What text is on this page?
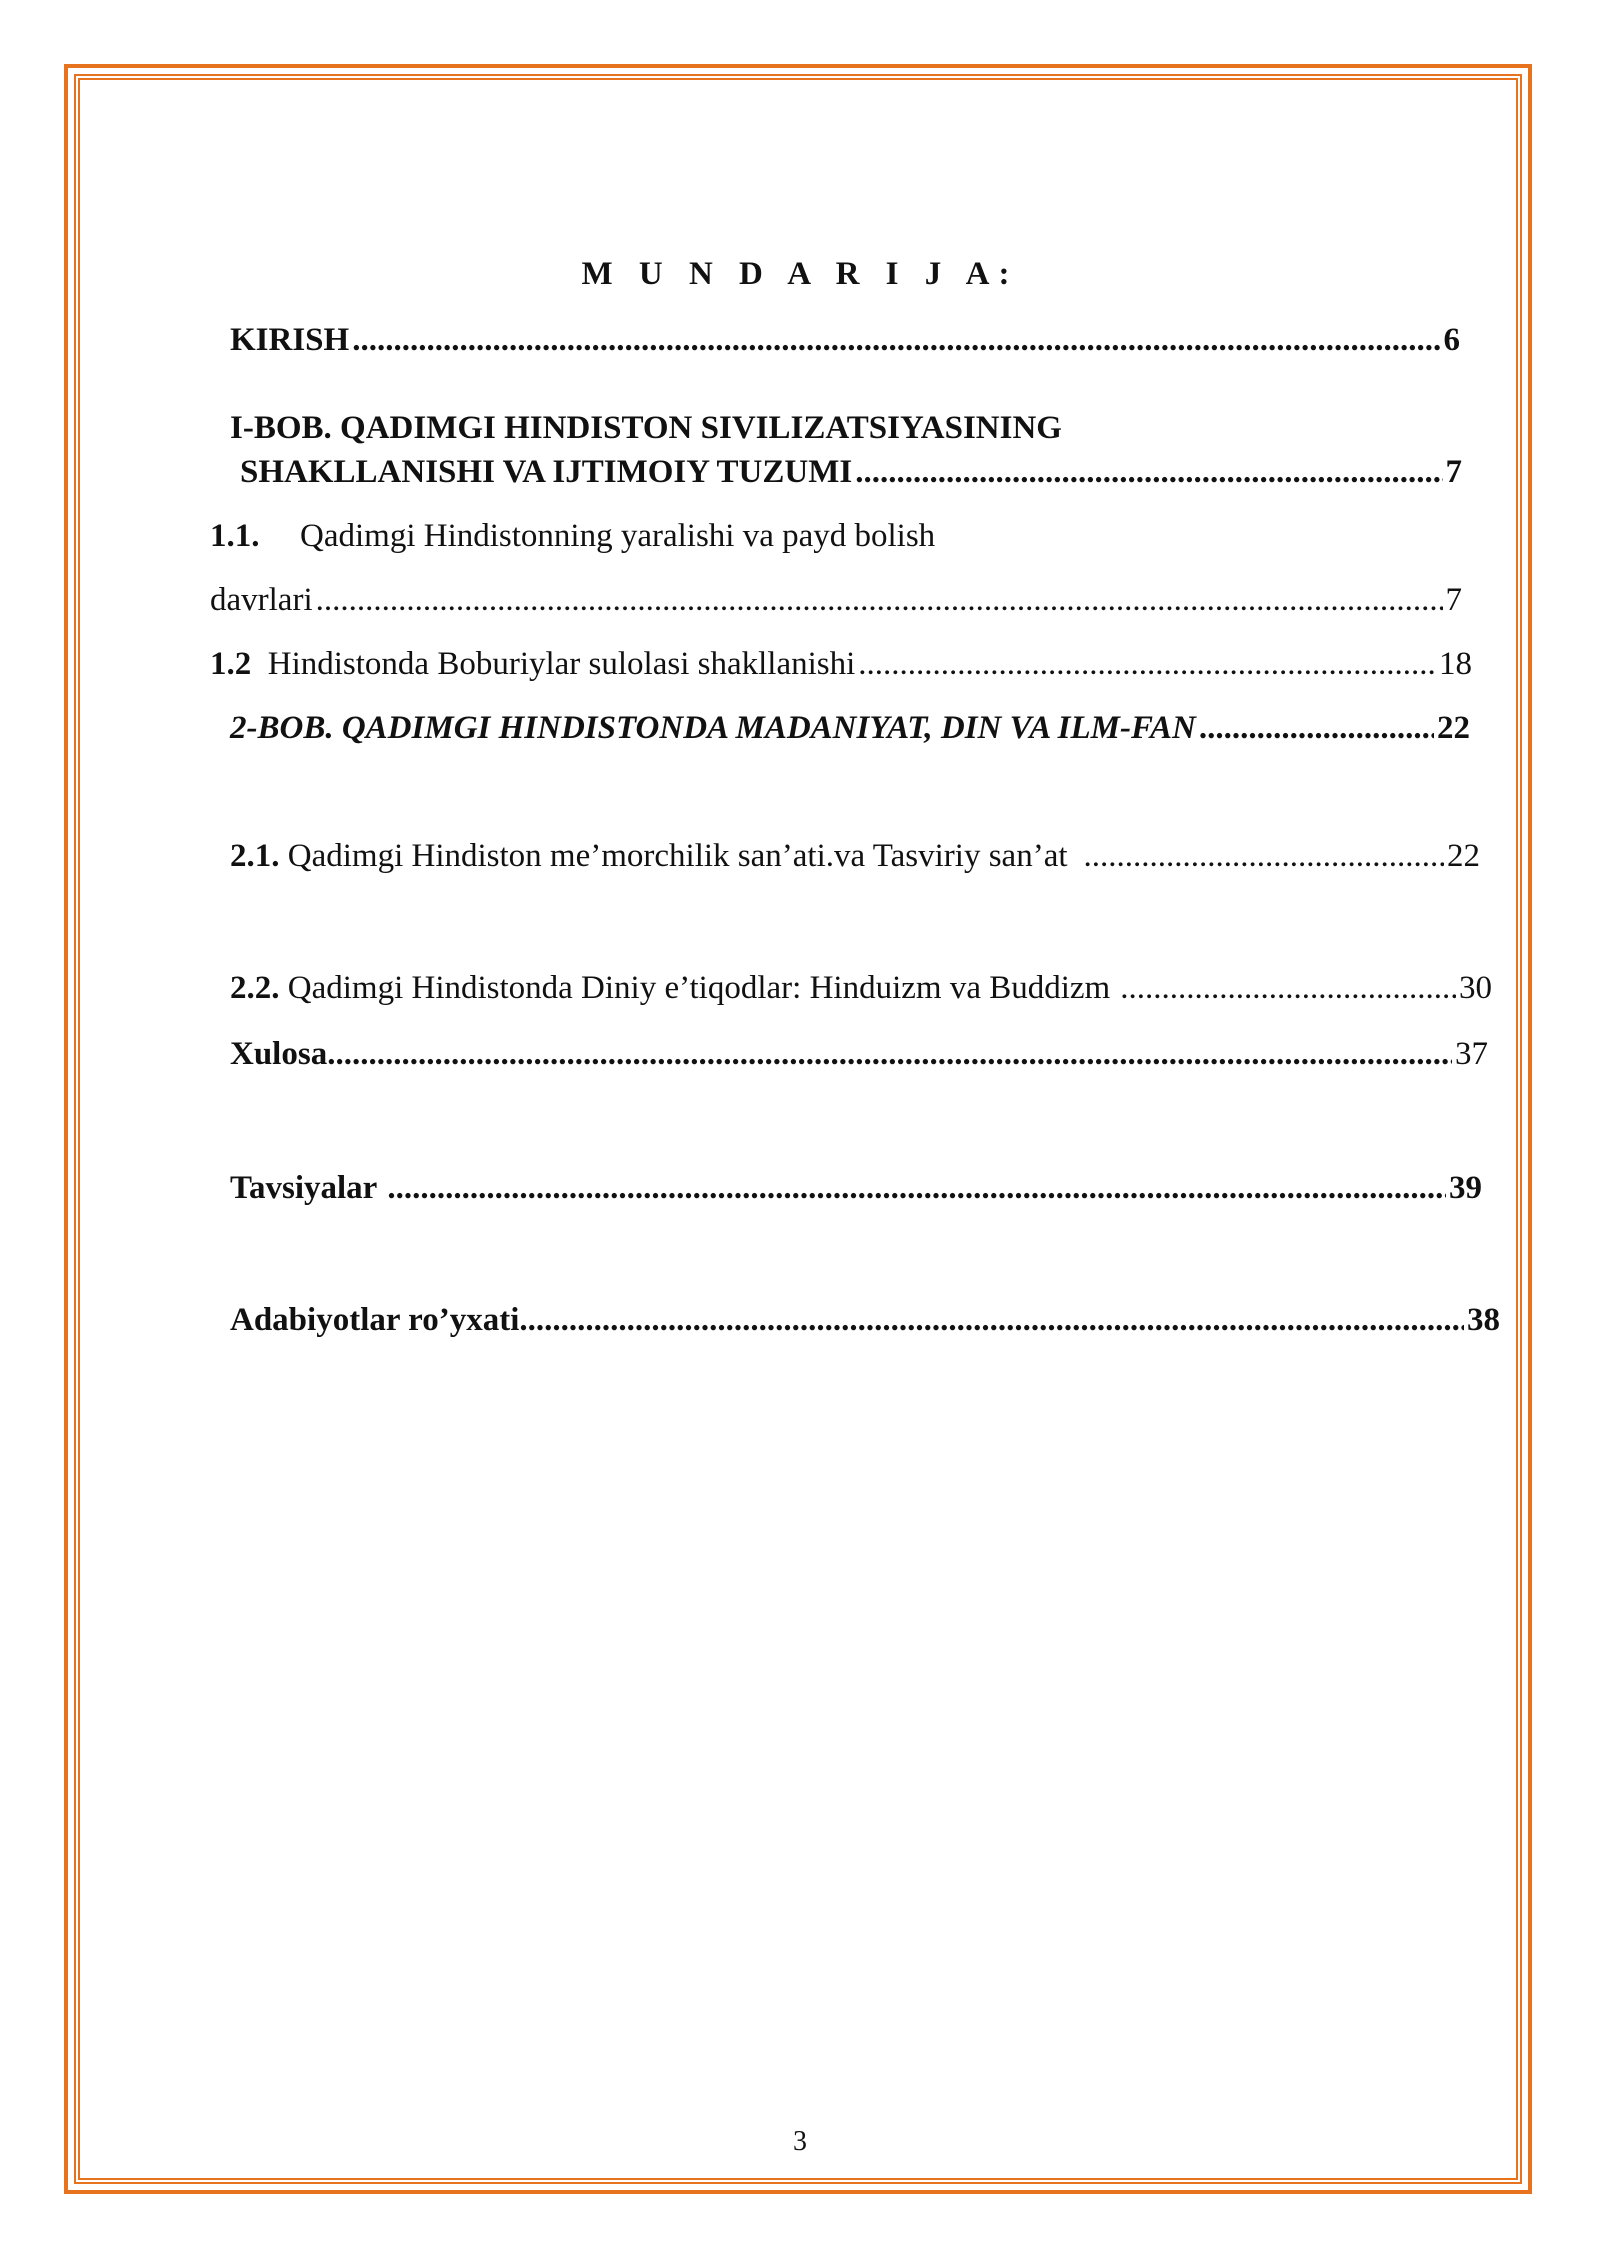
M U N D A R I J A:
KIRISH .....	6
I-BOB. QADIMGI HINDISTON SIVILIZATSIYASINING
SHAKLLANISHI VA IJTIMOIY TUZUMI .....	7
1.1. Qadimgi Hindistonning yaralishi va payd bolish
davrlari .....	7
1.2 Hindistonda Boburiylar sulolasi shakllanishi .....	18
2-BOB. QADIMGI HINDISTONDA MADANIYAT, DIN VA ILM-FAN .....	22
2.1. Qadimgi Hindiston me’morchilik san’ati.va Tasviriy san’at .....	22
2.2. Qadimgi Hindistonda Diniy e’tiqodlar: Hinduizm va Buddizm .....	30
Xulosa .....	37
Tavsiyalar .....	39
Adabiyotlar ro’yxati .....	38
3
